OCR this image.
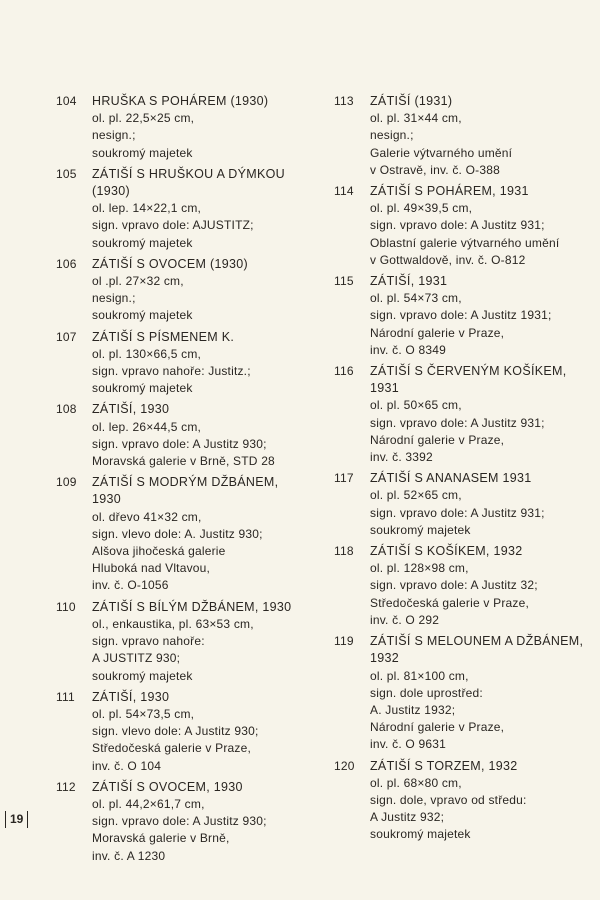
104	HRUŠKA S POHÁREM (1930)
ol. pl. 22,5×25 cm,
nesign.;
soukromý majetek
105	ZÁTIŠÍ S HRUŠKOU A DÝMKOU (1930)
ol. lep. 14×22,1 cm,
sign. vpravo dole: AJUSTITZ;
soukromý majetek
106	ZÁTIŠÍ S OVOCEM (1930)
ol .pl. 27×32 cm,
nesign.;
soukromý majetek
107	ZÁTIŠÍ S PÍSMENEM K.
ol. pl. 130×66,5 cm,
sign. vpravo nahoře: Justitz.;
soukromý majetek
108	ZÁTIŠÍ, 1930
ol. lep. 26×44,5 cm,
sign. vpravo dole: A Justitz 930;
Moravská galerie v Brně, STD 28
109	ZÁTIŠÍ S MODRÝM DŽBÁNEM, 1930
ol. dřevo 41×32 cm,
sign. vlevo dole: A. Justitz 930;
Alšova jihočeská galerie
Hluboká nad Vltavou,
inv. č. O-1056
110	ZÁTIŠÍ S BÍLÝM DŽBÁNEM, 1930
ol., enkaustika, pl. 63×53 cm,
sign. vpravo nahoře:
A JUSTITZ 930;
soukromý majetek
111	ZÁTIŠÍ, 1930
ol. pl. 54×73,5 cm,
sign. vlevo dole: A Justitz 930;
Středočeská galerie v Praze,
inv. č. O 104
112	ZÁTIŠÍ S OVOCEM, 1930
ol. pl. 44,2×61,7 cm,
sign. vpravo dole: A Justitz 930;
Moravská galerie v Brně,
inv. č. A 1230
113	ZÁTIŠÍ (1931)
ol. pl. 31×44 cm,
nesign.;
Galerie výtvarného umění
v Ostravě, inv. č. O-388
114	ZÁTIŠÍ S POHÁREM, 1931
ol. pl. 49×39,5 cm,
sign. vpravo dole: A Justitz 931;
Oblastní galerie výtvarného umění
v Gottwaldově, inv. č. O-812
115	ZÁTIŠÍ, 1931
ol. pl. 54×73 cm,
sign. vpravo dole: A Justitz 1931;
Národní galerie v Praze,
inv. č. O 8349
116	ZÁTIŠÍ S ČERVENÝM KOŠÍKEM, 1931
ol. pl. 50×65 cm,
sign. vpravo dole: A Justitz 931;
Národní galerie v Praze,
inv. č. 3392
117	ZÁTIŠÍ S ANANASEM 1931
ol. pl. 52×65 cm,
sign. vpravo dole: A Justitz 931;
soukromý majetek
118	ZÁTIŠÍ S KOŠÍKEM, 1932
ol. pl. 128×98 cm,
sign. vpravo dole: A Justitz 32;
Středočeská galerie v Praze,
inv. č. O 292
119	ZÁTIŠÍ S MELOUNEM A DŽBÁNEM, 1932
ol. pl. 81×100 cm,
sign. dole uprostřed:
A. Justitz 1932;
Národní galerie v Praze,
inv. č. O 9631
120	ZÁTIŠÍ S TORZEM, 1932
ol. pl. 68×80 cm,
sign. dole, vpravo od středu:
A Justitz 932;
soukromý majetek
19
